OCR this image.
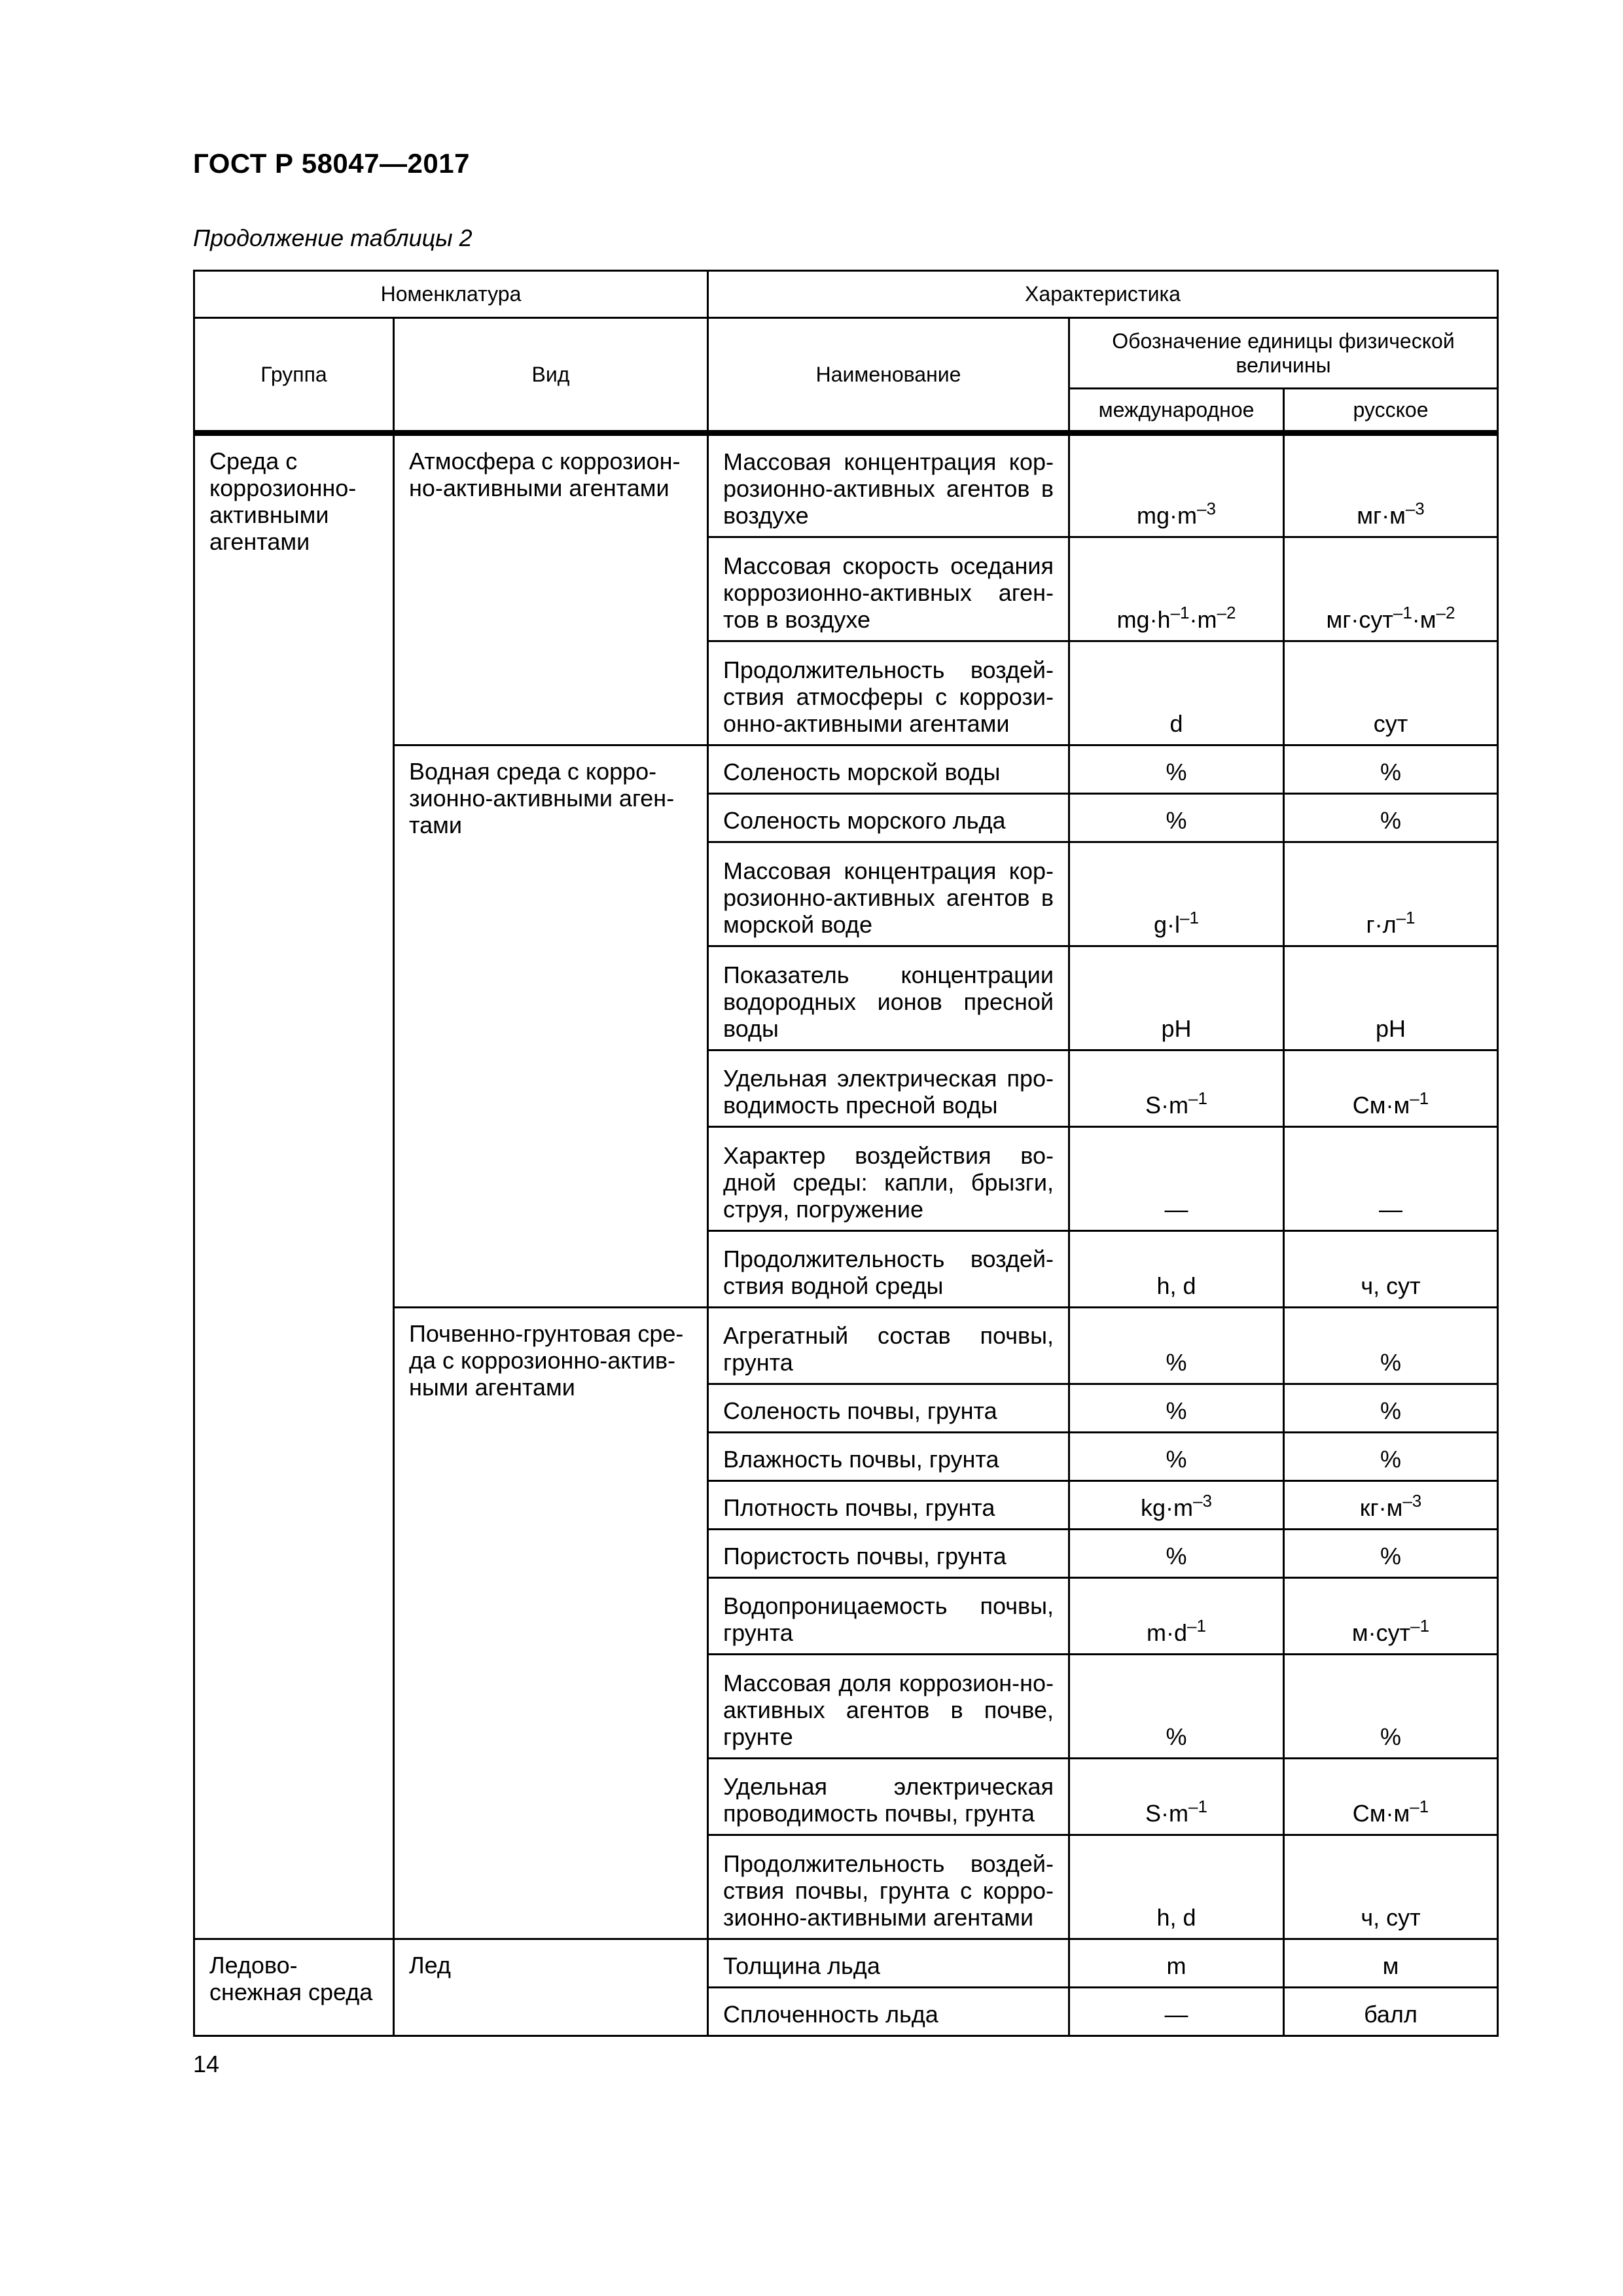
ГОСТ Р 58047—2017
Продолжение таблицы 2
Номенклатура		Характеристика		
Группа	Вид	Наименование	Обозначение единицы физической величины	
			международное	русское
Среда с коррозионно-активными агентами	Атмосфера с коррозион-но-активными агентами	Массовая концентрация кор-розионно-активных агентов в воздухе	$mg\cdot m^{-3}$	$мг\cdot м^{-3}$
		Массовая скорость оседания коррозионно-активных аген-тов в воздухе	$mg\cdot h^{-1}\cdot m^{-2}$	$мг\cdot сут^{-1}\cdot м^{-2}$
		Продолжительность воздей-ствия атмосферы с коррози-онно-активными агентами	d	сут
	Водная среда с корро-зионно-активными аген-тами	Соленость морской воды	%	%
		Соленость морского льда	%	%
		Массовая концентрация кор-розионно-активных агентов в морской воде	$g\cdot l^{-1}$	$г\cdot л^{-1}$
		Показатель концентрации водородных ионов пресной воды	pH	pH
		Удельная электрическая про-водимость пресной воды	$S\cdot m^{-1}$	$См\cdot м^{-1}$
		Характер воздействия во-дной среды: капли, брызги, струя, погружение	—	—
		Продолжительность воздей-ствия водной среды	h, d	ч, сут
	Почвенно-грунтовая сре-да с коррозионно-актив-ными агентами	Агрегатный состав почвы, грунта	%	%
		Соленость почвы, грунта	%	%
		Влажность почвы, грунта	%	%
		Плотность почвы, грунта	$kg\cdot m^{-3}$	$кг\cdot м^{-3}$
		Пористость почвы, грунта	%	%
		Водопроницаемость почвы, грунта	$m\cdot d^{-1}$	м·сут$^{-1}$
		Массовая доля коррозион-но-активных агентов в почве, грунте	%	%
		Удельная электрическая проводимость почвы, грунта	$S\cdot m^{-1}$	$См\cdot м^{-1}$
		Продолжительность воздей-ствия почвы, грунта с корро-зионно-активными агентами	h, d	ч, сут
Ледово-снежная среда	Лед	Толщина льда	m	м
		Сплоченность льда	—	балл
14
